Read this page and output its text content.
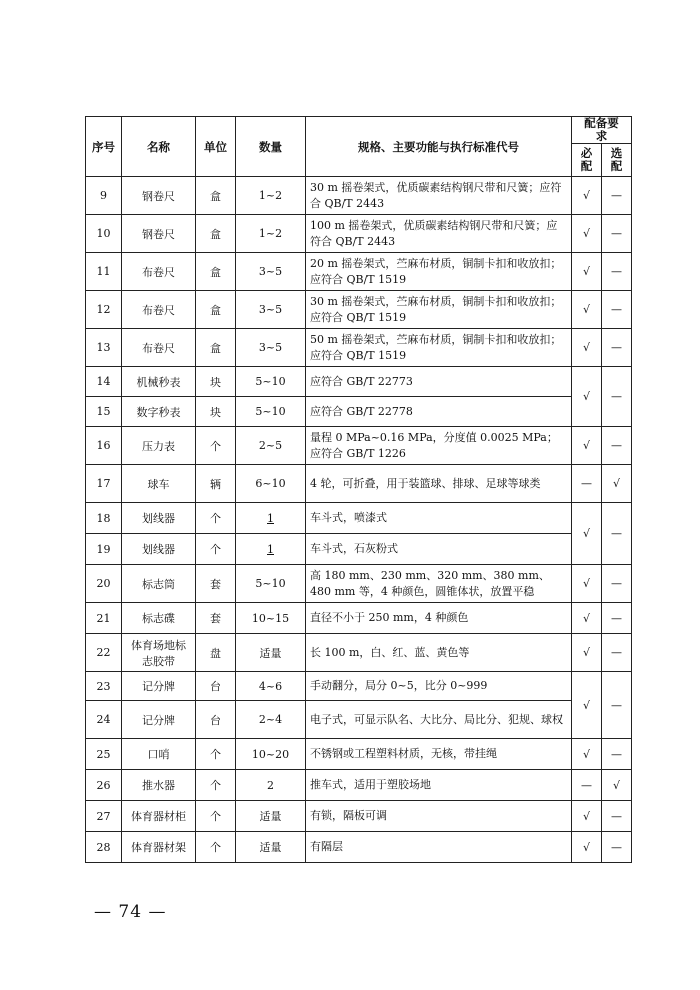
序号	名称	单位	数量	规格、主要功能与执行标准代号	配备要求	
					必配	选配
9	钢卷尺	盒	1~2	30 m 摇卷架式，优质碳素结构钢尺带和尺簧；应符合 QB/T 2443	√	—
10	钢卷尺	盒	1~2	100 m 摇卷架式，优质碳素结构钢尺带和尺簧；应符合 QB/T 2443	√	—
11	布卷尺	盒	3~5	20 m 摇卷架式，苎麻布材质，铜制卡扣和收放扣；应符合 QB/T 1519	√	—
12	布卷尺	盒	3~5	30 m 摇卷架式，苎麻布材质，铜制卡扣和收放扣；应符合 QB/T 1519	√	—
13	布卷尺	盒	3~5	50 m 摇卷架式，苎麻布材质，铜制卡扣和收放扣；应符合 QB/T 1519	√	—
14	机械秒表	块	5~10	应符合 GB/T 22773	√	—
15	数字秒表	块	5~10	应符合 GB/T 22778		
16	压力表	个	2~5	量程 0 MPa~0.16 MPa，分度值 0.0025 MPa；应符合 GB/T 1226	√	—
17	球车	辆	6~10	4 轮，可折叠，用于装篮球、排球、足球等球类	—	√
18	划线器	个	1	车斗式，喷漆式	√	—
19	划线器	个	1	车斗式，石灰粉式		
20	标志筒	套	5~10	高 180 mm、230 mm、320 mm、380 mm、480 mm 等，4 种颜色，圆锥体状，放置平稳	√	—
21	标志碟	套	10~15	直径不小于 250 mm，4 种颜色	√	—
22	体育场地标志胶带	盘	适量	长 100 m，白、红、蓝、黄色等	√	—
23	记分牌	台	4~6	手动翻分，局分 0~5，比分 0~999	√	—
24	记分牌	台	2~4	电子式，可显示队名、大比分、局比分、犯规、球权		
25	口哨	个	10~20	不锈钢或工程塑料材质，无核，带挂绳	√	—
26	推水器	个	2	推车式，适用于塑胶场地	—	√
27	体育器材柜	个	适量	有锁，隔板可调	√	—
28	体育器材架	个	适量	有隔层	√	—
— 74 —
